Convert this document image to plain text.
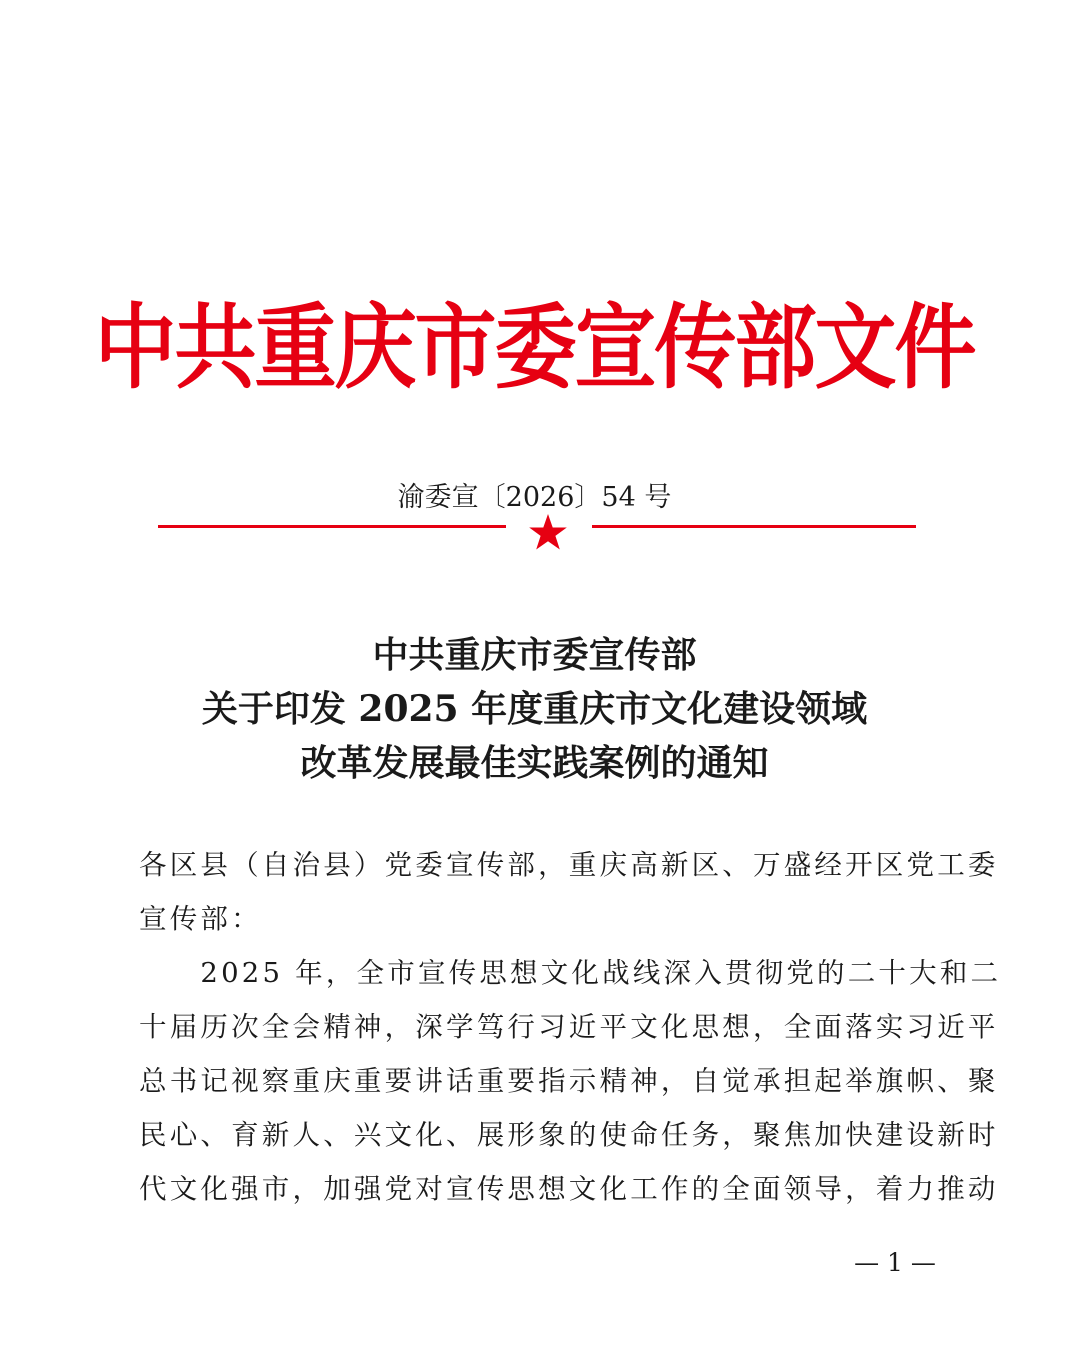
中共重庆市委宣传部文件
渝委宣〔2026〕54 号
中共重庆市委宣传部
关于印发 2025 年度重庆市文化建设领域
改革发展最佳实践案例的通知
各区县（自治县）党委宣传部，重庆高新区、万盛经开区党工委
宣传部：
　　2025 年，全市宣传思想文化战线深入贯彻党的二十大和二
十届历次全会精神，深学笃行习近平文化思想，全面落实习近平
总书记视察重庆重要讲话重要指示精神，自觉承担起举旗帜、聚
民心、育新人、兴文化、展形象的使命任务，聚焦加快建设新时
代文化强市，加强党对宣传思想文化工作的全面领导，着力推动
— 1 —
